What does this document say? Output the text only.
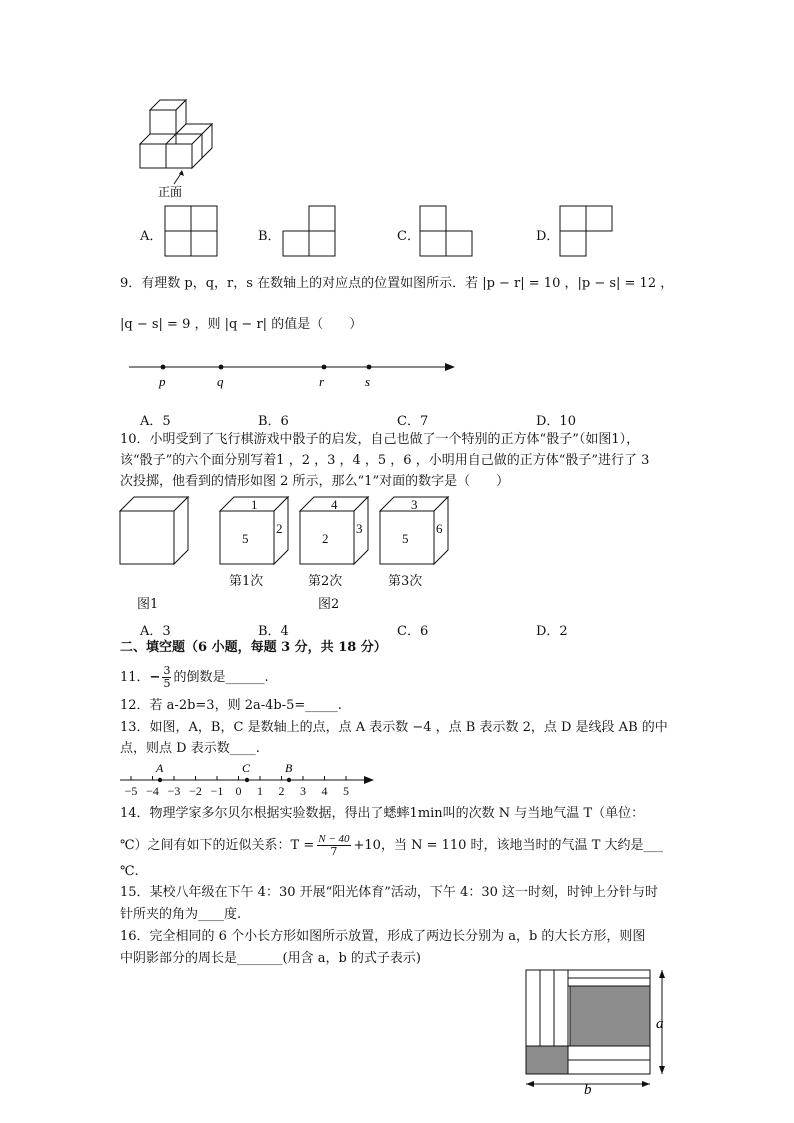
正面
A．	B．	C．	D．
9．有理数 p，q，r，s 在数轴上的对应点的位置如图所示．若 |p − r| = 10 ，|p − s| = 12 ，
|q − s| = 9 ，则 |q − r| 的值是（　　）
p	q	r	s
A．5	B．6	C．7	D．10
10．小明受到了飞行棋游戏中骰子的启发，自己也做了一个特别的正方体“骰子”（如图1），
该“骰子”的六个面分别写着1 ，2 ，3 ，4 ，5 ，6 ，小明用自己做的正方体“骰子”进行了 3
次投掷，他看到的情形如图 2 所示，那么“1”对面的数字是（　　）
1
5
2
4
2
3
3
5
6
第1次	第2次	第3次
图1	图2
A．3	B．4	C．6	D．2
二、填空题（6 小题，每题 3 分，共 18 分）
11．− $\frac{3}{5}$ 的倒数是______.
12．若 a-2b=3，则 2a-4b-5=_____.
13．如图，A，B，C 是数轴上的点，点 A 表示数 −4 ，点 B 表示数 2，点 D 是线段 AB 的中
点，则点 D 表示数____.
−5 −4 −3 −2 −1 0 1 2 3 4 5
A	C	B
14．物理学家多尔贝尔根据实验数据，得出了蟋蟀1min叫的次数 N 与当地气温 T（单位：
℃）之间有如下的近似关系：$T = \frac{N - 40}{7} +10$，当 N = 110 时，该地当时的气温 T 大约是___
℃.
15．某校八年级在下午 4：30 开展“阳光体育”活动，下午 4：30 这一时刻，时钟上分针与时
针所夹的角为____度.
16．完全相同的 6 个小长方形如图所示放置，形成了两边长分别为 a，b 的大长方形，则图
中阴影部分的周长是_______(用含 a，b 的式子表示)
a
b
